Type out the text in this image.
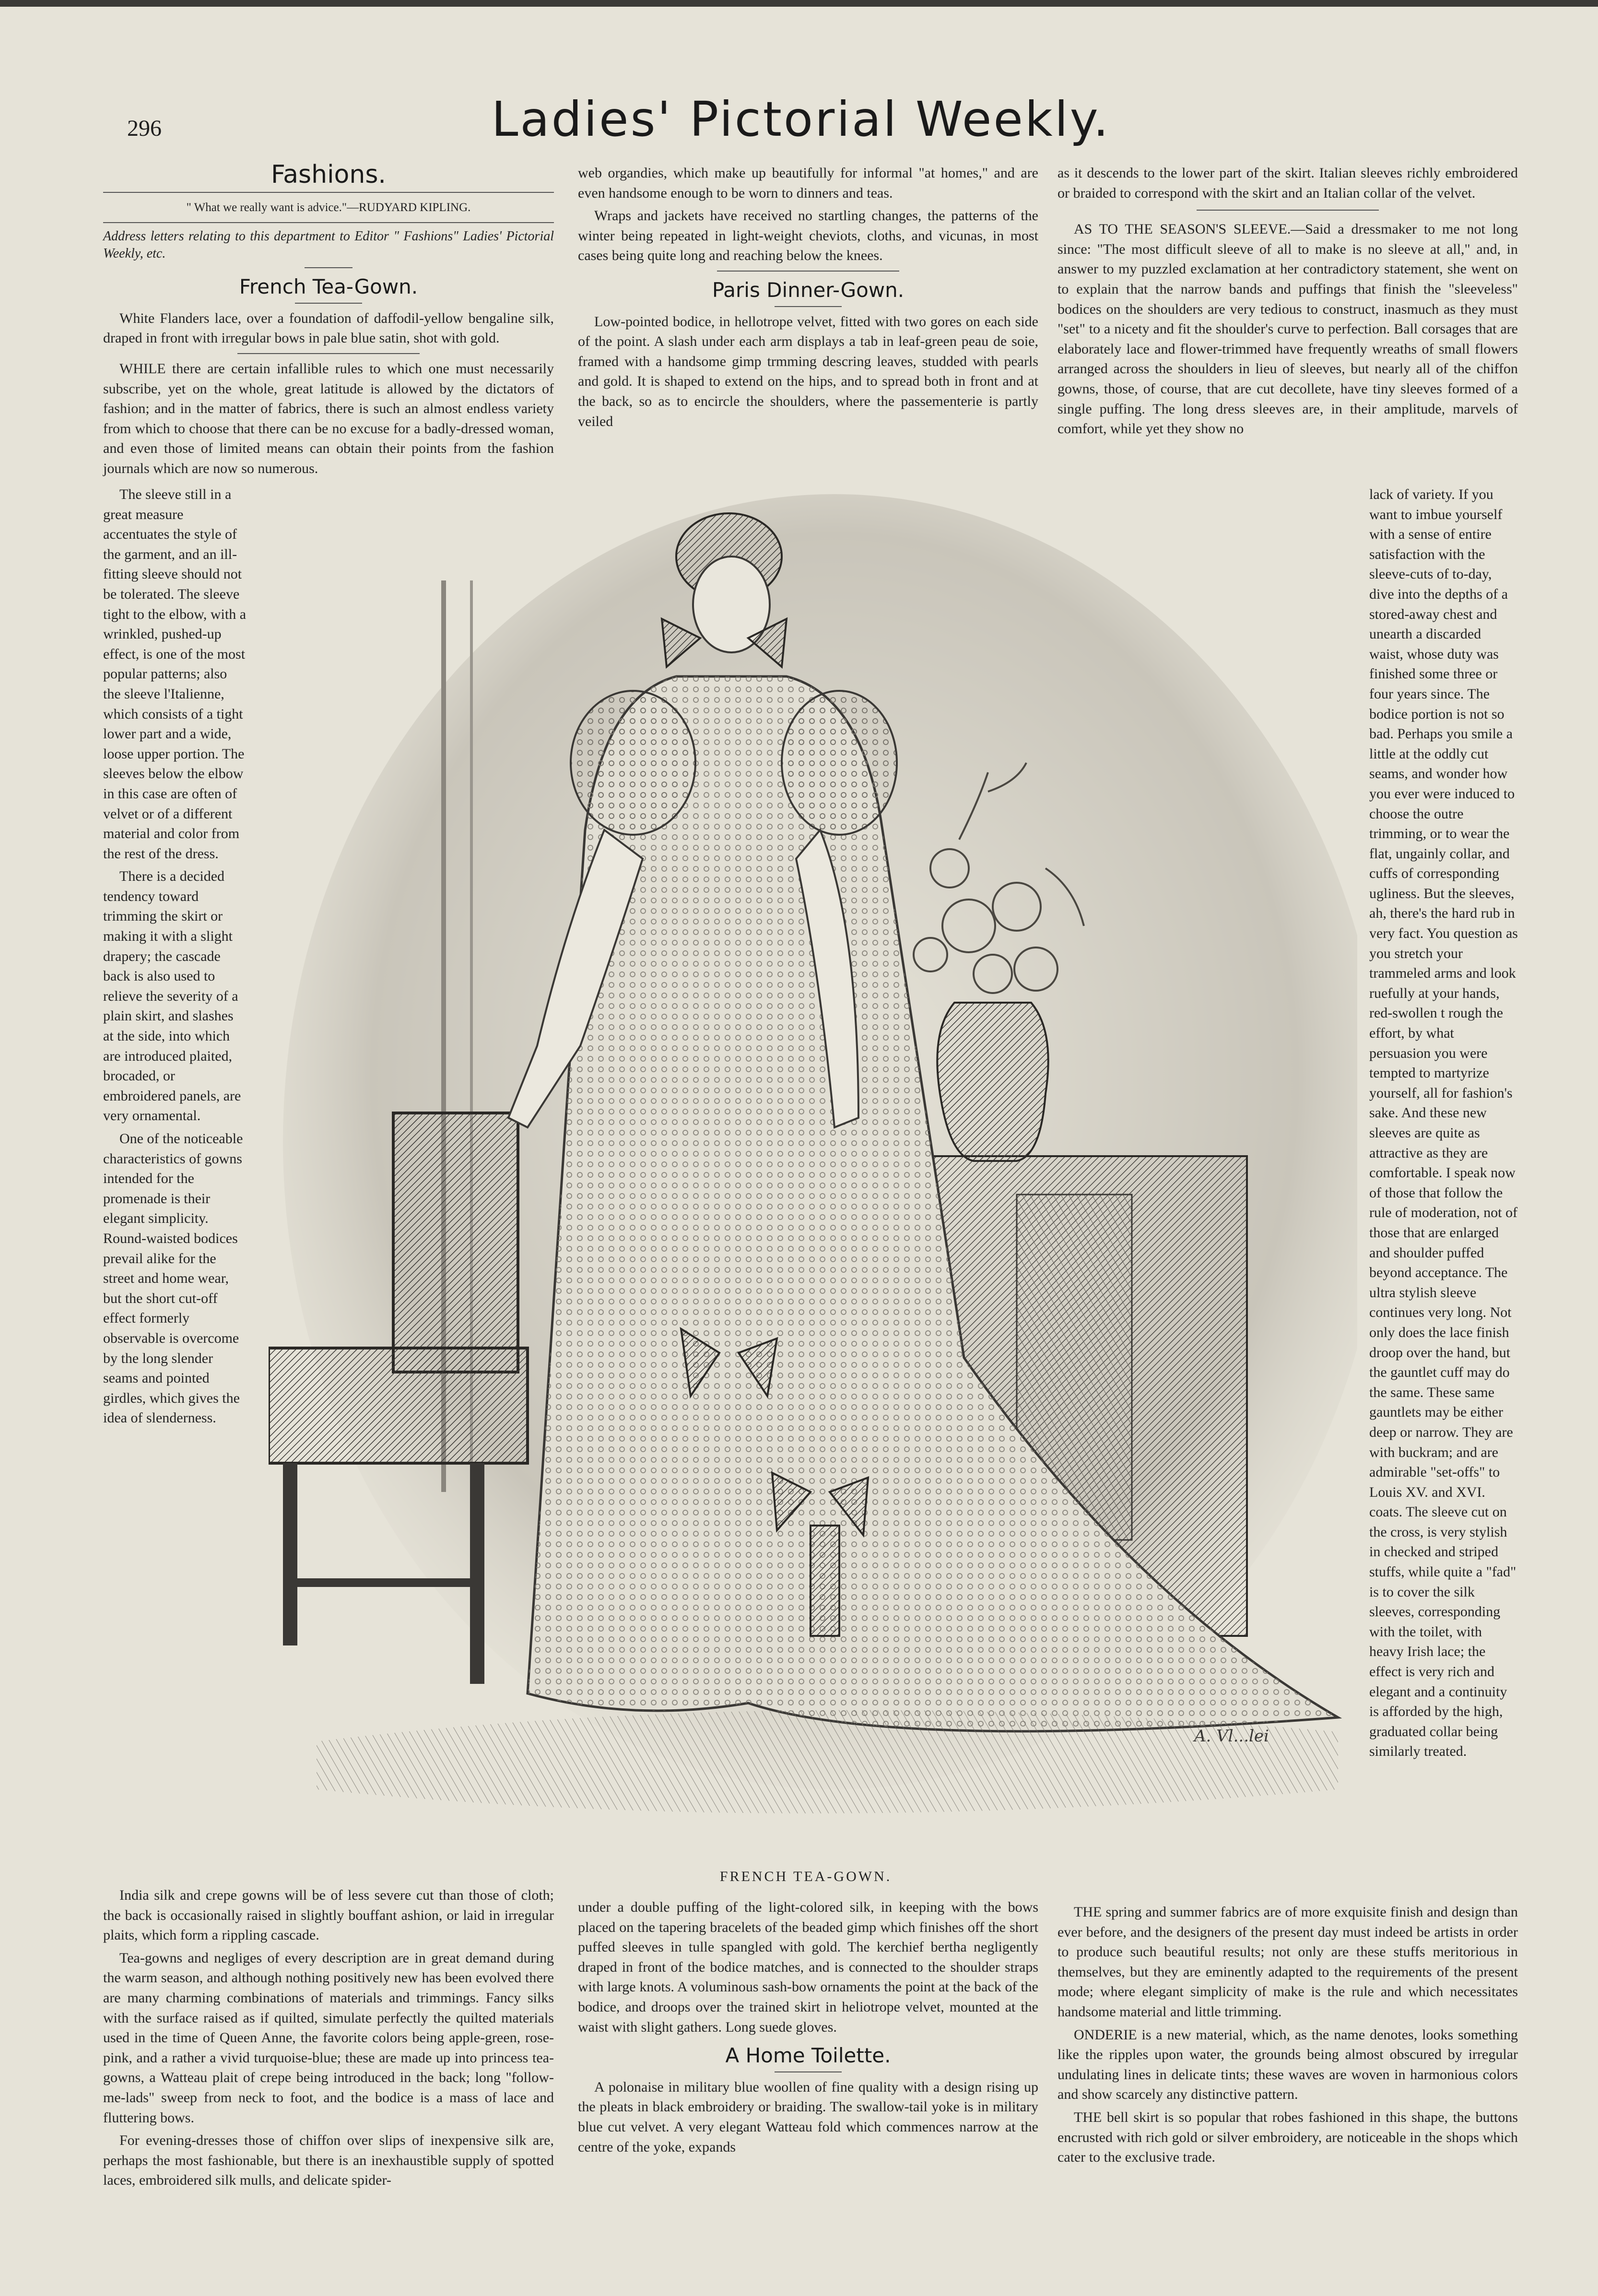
296	Ladies' Pictorial Weekly.
Fashions.
" What we really want is advice."—RUDYARD KIPLING.

Address letters relating to this department to Editor " Fashions" Ladies' Pictorial Weekly, etc.

French Tea-Gown.

White Flanders lace, over a foundation of daffodil-yellow bengaline silk, draped in front with irregular bows in pale blue satin, shot with gold.

WHILE there are certain infallible rules to which one must necessarily subscribe, yet on the whole, great latitude is allowed by the dictators of fashion; and in the matter of fabrics, there is such an almost endless variety from which to choose that there can be no excuse for a badly-dressed woman, and even those of limited means can obtain their points from the fashion journals which are now so numerous.

The sleeve still in a great measure accentuates the style of the garment, and an ill-fitting sleeve should not be tolerated. The sleeve tight to the elbow, with a wrinkled, pushed-up effect, is one of the most popular patterns; also the sleeve l'Italienne, which consists of a tight lower part and a wide, loose upper portion. The sleeves below the elbow in this case are often of velvet or of a different material and color from the rest of the dress.

There is a decided tendency toward trimming the skirt or making it with a slight drapery; the cascade back is also used to relieve the severity of a plain skirt, and slashes at the side, into which are introduced plaited, brocaded, or embroidered panels, are very ornamental.

One of the noticeable characteristics of gowns intended for the promenade is their elegant simplicity. Round-waisted bodices prevail alike for the street and home wear, but the short cut-off effect formerly observable is overcome by the long slender seams and pointed girdles, which gives the idea of slenderness.

India silk and crepe gowns will be of less severe cut than those of cloth; the back is occasionally raised in slightly bouffant ashion, or laid in irregular plaits, which form a rippling cascade.

Tea-gowns and negliges of every description are in great demand during the warm season, and although nothing positively new has been evolved there are many charming combinations of materials and trimmings. Fancy silks with the surface raised as if quilted, simulate perfectly the quilted materials used in the time of Queen Anne, the favorite colors being apple-green, rose-pink, and a rather a vivid turquoise-blue; these are made up into princess tea-gowns, a Watteau plait of crepe being introduced in the back; long "follow-me-lads" sweep from neck to foot, and the bodice is a mass of lace and fluttering bows.

For evening-dresses those of chiffon over slips of inexpensive silk are, perhaps the most fashionable, but there is an inexhaustible supply of spotted laces, embroidered silk mulls, and delicate spider-

web organdies, which make up beautifully for informal "at homes," and are even handsome enough to be worn to dinners and teas.

Wraps and jackets have received no startling changes, the patterns of the winter being repeated in light-weight cheviots, cloths, and vicunas, in most cases being quite long and reaching below the knees.

Paris Dinner-Gown.

Low-pointed bodice, in hellotrope velvet, fitted with two gores on each side of the point. A slash under each arm displays a tab in leaf-green peau de soie, framed with a handsome gimp trmming descring leaves, studded with pearls and gold. It is shaped to extend on the hips, and to spread both in front and at the back, so as to encircle the shoulders, where the passementerie is partly veiled

under a double puffing of the light-colored silk, in keeping with the bows placed on the tapering bracelets of the beaded gimp which finishes off the short puffed sleeves in tulle spangled with gold. The kerchief bertha negligently draped in front of the bodice matches, and is connected to the shoulder straps with large knots. A voluminous sash-bow ornaments the point at the back of the bodice, and droops over the trained skirt in heliotrope velvet, mounted at the waist with slight gathers. Long suede gloves.

A Home Toilette.

A polonaise in military blue woollen of fine quality with a design rising up the pleats in black embroidery or braiding. The swallow-tail yoke is in military blue cut velvet. A very elegant Watteau fold which commences narrow at the centre of the yoke, expands

as it descends to the lower part of the skirt. Italian sleeves richly embroidered or braided to correspond with the skirt and an Italian collar of the velvet.

AS TO THE SEASON'S SLEEVE.—Said a dressmaker to me not long since: "The most difficult sleeve of all to make is no sleeve at all," and, in answer to my puzzled exclamation at her contradictory statement, she went on to explain that the narrow bands and puffings that finish the "sleeveless" bodices on the shoulders are very tedious to construct, inasmuch as they must "set" to a nicety and fit the shoulder's curve to perfection. Ball corsages that are elaborately lace and flower-trimmed have frequently wreaths of small flowers arranged across the shoulders in lieu of sleeves, but nearly all of the chiffon gowns, those, of course, that are cut decollete, have tiny sleeves formed of a single puffing. The long dress sleeves are, in their amplitude, marvels of comfort, while yet they show no

lack of variety. If you want to imbue yourself with a sense of entire satisfaction with the sleeve-cuts of to-day, dive into the depths of a stored-away chest and unearth a discarded waist, whose duty was finished some three or four years since. The bodice portion is not so bad. Perhaps you smile a little at the oddly cut seams, and wonder how you ever were induced to choose the outre trimming, or to wear the flat, ungainly collar, and cuffs of corresponding ugliness. But the sleeves, ah, there's the hard rub in very fact. You question as you stretch your trammeled arms and look ruefully at your hands, red-swollen t rough the effort, by what persuasion you were tempted to martyrize yourself, all for fashion's sake. And these new sleeves are quite as attractive as they are comfortable. I speak now of those that follow the rule of moderation, not of those that are enlarged and shoulder puffed beyond acceptance. The ultra stylish sleeve continues very long. Not only does the lace finish droop over the hand, but the gauntlet cuff may do the same. These same gauntlets may be either deep or narrow. They are with buckram; and are admirable "set-offs" to Louis XV. and XVI. coats. The sleeve cut on the cross, is very stylish in checked and striped stuffs, while quite a "fad" is to cover the silk sleeves, corresponding with the toilet, with heavy Irish lace; the effect is very rich and elegant and a continuity is afforded by the high, graduated collar being similarly treated.

THE spring and summer fabrics are of more exquisite finish and design than ever before, and the designers of the present day must indeed be artists in order to produce such beautiful results; not only are these stuffs meritorious in themselves, but they are eminently adapted to the requirements of the present mode; where elegant simplicity of make is the rule and which necessitates handsome material and little trimming.

ONDERIE is a new material, which, as the name denotes, looks something like the ripples upon water, the grounds being almost obscured by irregular undulating lines in delicate tints; these waves are woven in harmonious colors and show scarcely any distinctive pattern.

THE bell skirt is so popular that robes fashioned in this shape, the buttons encrusted with rich gold or silver embroidery, are noticeable in the shops which cater to the exclusive trade.

A. Vl...lei
FRENCH TEA-GOWN.
